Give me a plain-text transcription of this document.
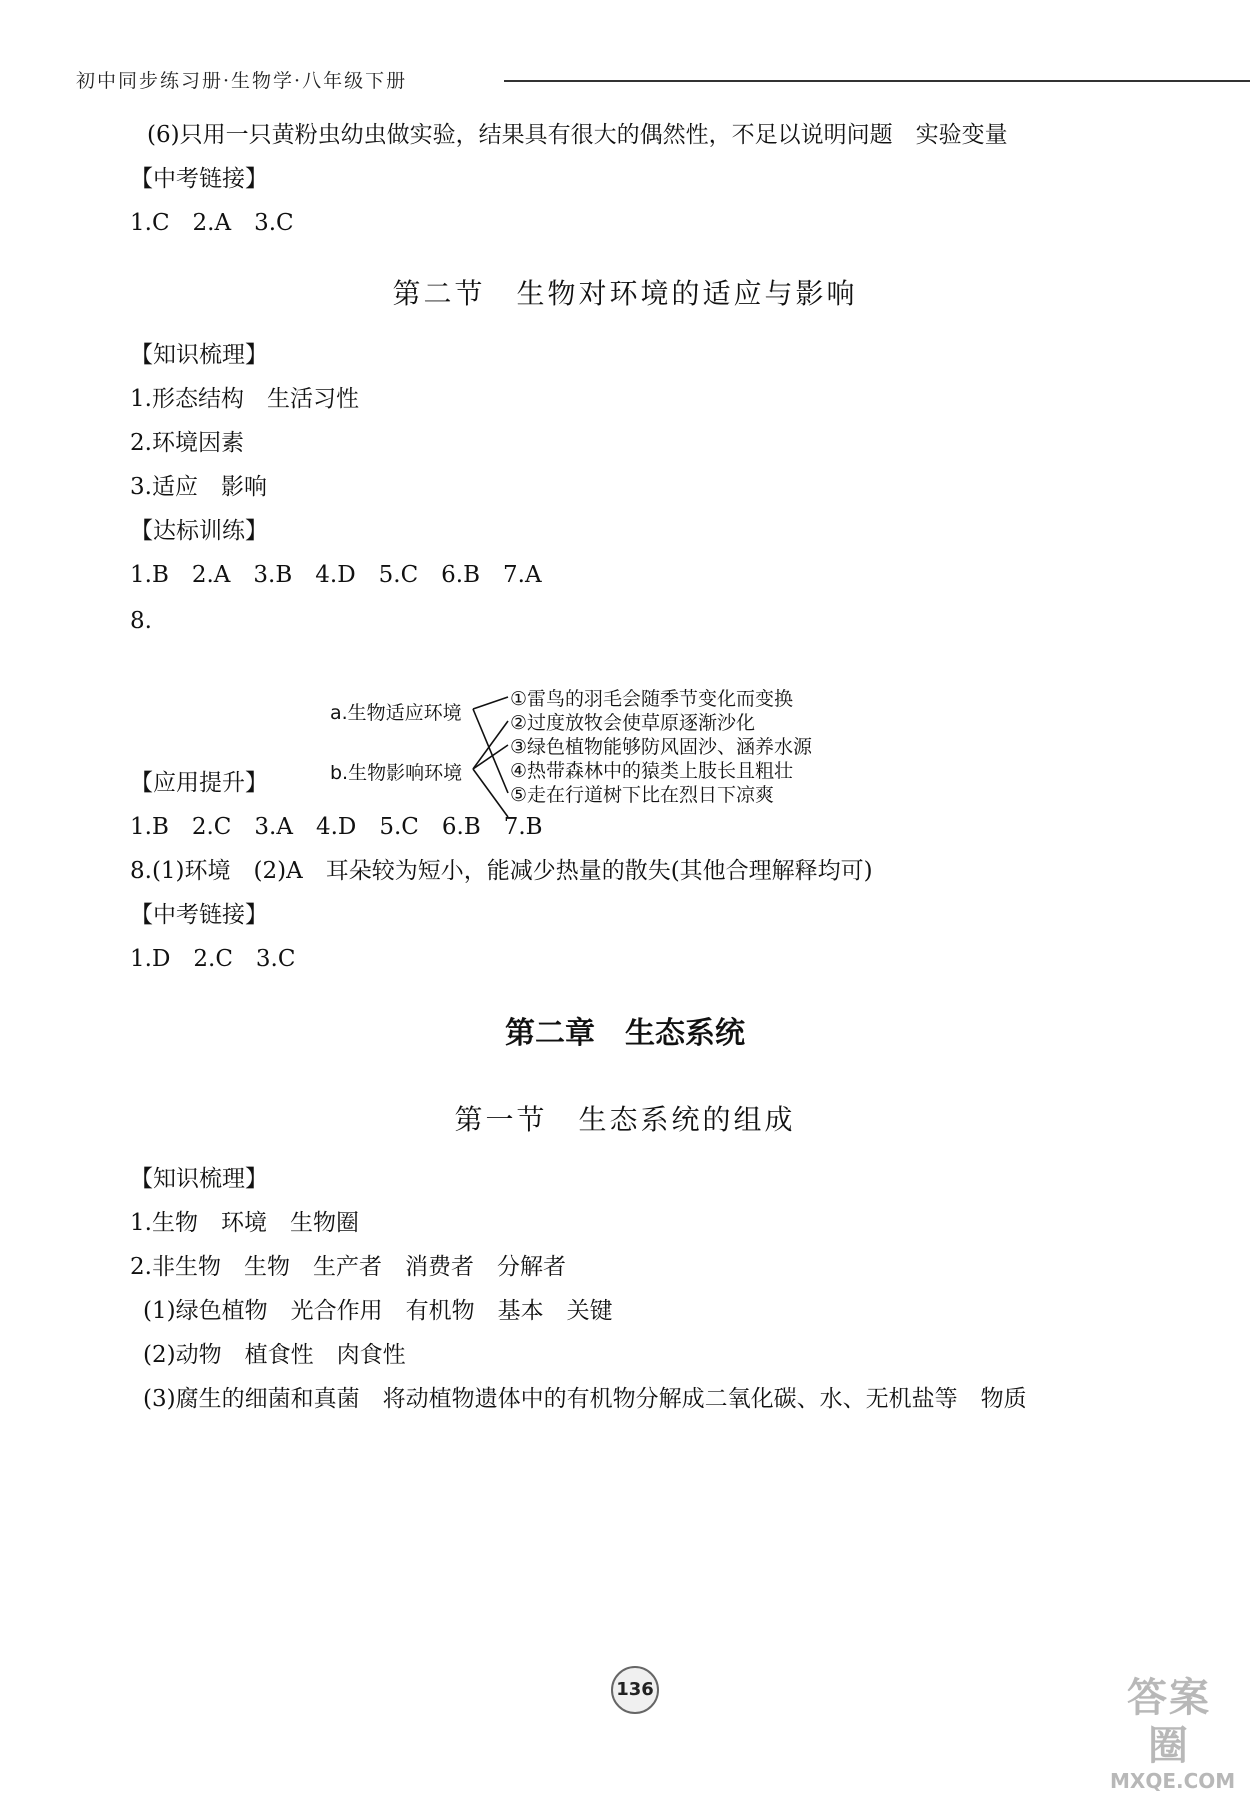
初中同步练习册·生物学·八年级下册
(6)只用一只黄粉虫幼虫做实验，结果具有很大的偶然性，不足以说明问题　实验变量
【中考链接】
1.C　2.A　3.C
第二节　生物对环境的适应与影响
【知识梳理】
1.形态结构　生活习性
2.环境因素
3.适应　影响
【达标训练】
1.B　2.A　3.B　4.D　5.C　6.B　7.A
8.
a.生物适应环境
b.生物影响环境
①雷鸟的羽毛会随季节变化而变换
②过度放牧会使草原逐渐沙化
③绿色植物能够防风固沙、涵养水源
④热带森林中的猿类上肢长且粗壮
⑤走在行道树下比在烈日下凉爽
【应用提升】
1.B　2.C　3.A　4.D　5.C　6.B　7.B
8.(1)环境　(2)A　耳朵较为短小，能减少热量的散失(其他合理解释均可)
【中考链接】
1.D　2.C　3.C
第二章　生态系统
第一节　生态系统的组成
【知识梳理】
1.生物　环境　生物圈
2.非生物　生物　生产者　消费者　分解者
(1)绿色植物　光合作用　有机物　基本　关键
(2)动物　植食性　肉食性
(3)腐生的细菌和真菌　将动植物遗体中的有机物分解成二氧化碳、水、无机盐等　物质
136	答案圈
MXQE.COM
